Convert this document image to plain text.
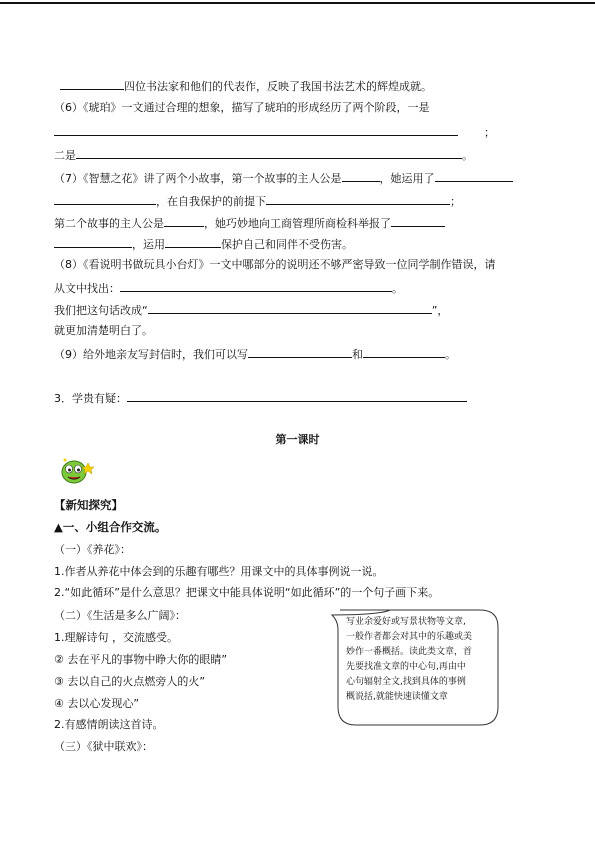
四位书法家和他们的代表作，反映了我国书法艺术的辉煌成就。
（6）《琥珀》一文通过合理的想象，描写了琥珀的形成经历了两个阶段，一是
；
二是	。
（7）《智慧之花》讲了两个小故事，第一个故事的主人公是	，她运用了
，在自我保护的前提下	；
第二个故事的主人公是	，她巧妙地向工商管理所商检科举报了
，运用	保护自己和同伴不受伤害。
（8）《看说明书做玩具小台灯》一文中哪部分的说明还不够严密导致一位同学制作错误，请
从文中找出：	。
我们把这句话改成“	”，
就更加清楚明白了。
（9）给外地亲友写封信时，我们可以写	和	。
3．学贵有疑：
第一课时
【新知探究】
▲一、小组合作交流。
（一）《养花》：
1.作者从养花中体会到的乐趣有哪些？用课文中的具体事例说一说。
2.“如此循环”是什么意思？把课文中能具体说明“如此循环”的一个句子画下来。
（二）《生活是多么广阔》：
1.理解诗句 ，交流感受。
② 去在平凡的事物中睁大你的眼睛”
③ 去以自己的火点燃旁人的火”
④ 去以心发现心”
2.有感情朗读这首诗。
（三）《狱中联欢》：
写业余爱好或写景状物等文章,
一般作者都会对其中的乐趣或美
妙作一番概括。读此类文章，首
先要找准文章的中心句,再由中
心句辐射全文,找到具体的事例
概说括,就能快速读懂文章
